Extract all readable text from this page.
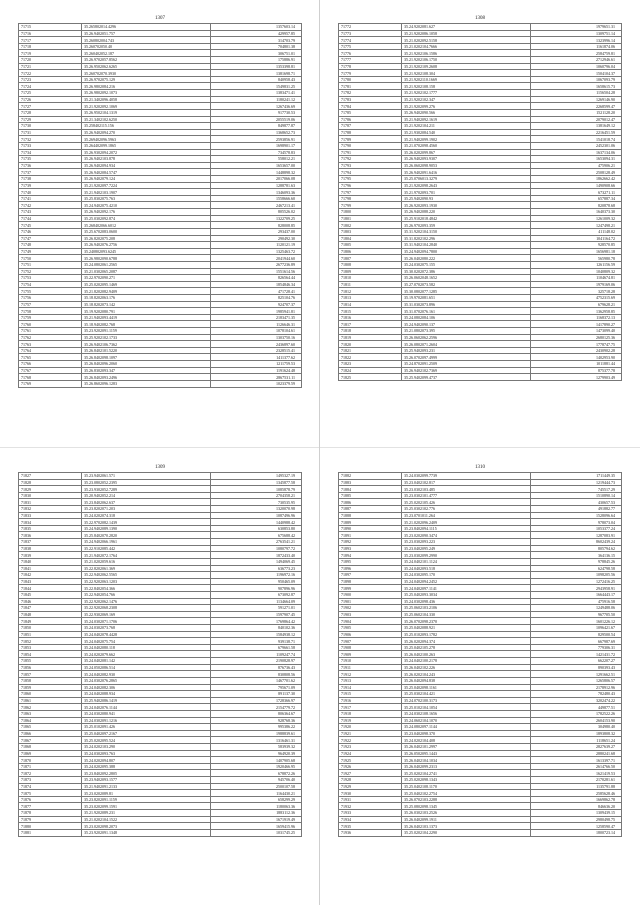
1307
71715	35.265802014.4296	1357603.14
71716	35.26.9402051.757	429957.85
71717	35.260802004.743	314703.79
71718	35.260702050.40	704801.38
71719	35.260402052.187	306751.01
71720	35.26.9702057.8562	175886.91
71721	35.26.9502062.6265	1353398.81
71722	35.260702070.3930	1381698.71
71723	35.26.9702075.129	840958.43
71724	35.26.9802084.216	1549831.25
71725	35.26.9802092.1073	1383471.41
71726	35.21.3402096.4058	1180241.12
71727	35.21.9202092.1069	1267436.69
71728	35.26.9502104.1319	917730.53
71729	35.21.3402102.6250	2055519.06
71730	35.258402115.156	849877.87
71731	35.26.9402094.270	1368652.73
71732	35.269402096.5963	2593856.91
71733	35.264402099.1865	1698901.17
71734	35.26.9302094.2072	734578.83
71735	35.26.9402103.878	558012.21
71736	35.26.9402094.934	1653657.00
71737	35.26.9402084.5747	1448898.32
71738	35.26.9402079.124	2017066.08
71739	35.21.9202097.7224	1288781.63
71740	35.21.9402103.1907	1346093.36
71741	35.25.8302075.763	1558666.60
71742	35.24.9402075.4210	2467213.41
71743	35.26.9402092.176	805526.02
71744	35.25.0302092.874	1322709.25
71745	35.268402066.6012	828008.85
71746	35.25.6702083.0600	293437.00
71747	35.26.8202075.208	290492.30
71748	35.26.9402076.2756	1120121.19
71749	35.240802093.6245	1325463.72
71750	35.26.9802090.6788	2041944.60
71751	35.24.0802061.2565	2677236.89
71752	35.21.0302065.2087	1551614.56
71753	35.22.9702090.271	826564.44
71754	35.25.0202095.1469	1854846.34
71755	35.21.8202082.9409	471728.41
71756	35.18.8202063.176	825104.76
71757	35.18.8202073.142	924707.37
71758	35.19.9202080.791	1985941.81
71759	35.21.9402093.4419	2183471.35
71760	35.18.9402082.768	1126646.31
71761	35.23.9202091.1159	1078104.61
71762	35.25.9202102.1733	1303750.16
71763	35.26.9402106.7362	2436897.60
71764	35.26.8402101.5220	2328515.41
71765	35.26.8402098.1097	1411377.62
71766	35.26.8402096.2060	1211759.53
71767	35.26.8302093.347	1191624.48
71768	35.26.8402093.2496	2867531.11
71769	35.26.8602096.1283	1023379.59
1308
71772	35.24.9202081.627	1979651.31
71773	35.21.9202086.1058	1309751.14
71774	35.21.0202092.5158	1323996.14
71775	35.21.0202104.7666	1161874.06
71776	35.21.9202106.1586	2584759.81
71777	35.21.9202106.1750	2712946.61
71778	35.21.9202109.2608	1060796.04
71779	35.21.9202108.304	1504104.37
71780	35.21.9202110.1669	1067093.79
71781	35.21.9202108.158	1658615.73
71782	35.21.9202102.1777	1156504.28
71783	35.21.9202102.347	1269146.90
71784	35.21.9202099.276	2268599.47
71785	35.26.9402090.566	1521128.20
71786	35.21.9402092.1619	2079012.47
71787	35.21.9202104.211	1381649.12
71788	35.21.9302084.540	2216451.59
71789	35.21.9402099.1902	1541018.74
71790	35.21.0702098.4560	2452301.06
71791	35.26.0202099.867	1637134.06
71792	35.26.9402093.9307	1653094.31
71793	35.26.0602098.9053	475906.21
71794	35.26.9402091.6416	2508128.49
71795	35.25.0706013.3279	1862662.42
71796	35.21.9202098.2643	1490908.66
71797	35.21.9702093.701	673271.11
71798	35.25.9402090.93	657887.34
71799	35.26.9202093.1930	820878.68
71800	35.26.9402088.220	1640373.30
71801	35.25.9102018.4842	1261009.32
71802	35.26.9702093.359	1247498.21
71803	35.31.9202104.3150	411148.02
71804	35.31.8202102.296	1041164.72
71805	35.31.9402104.2840	928570.85
71806	35.24.9402094.7800	1656981.18
71807	35.26.0402080.222	565980.78
71808	35.24.0302075.155	1261156.59
71809	35.30.0202072.386	1040809.32
71810	35.26.0602048.1652	1104674.81
71811	35.27.0702073.582	1979169.06
71812	35.30.0802077.1285	325718.28
71813	35.19.9702081.651	4752315.69
71814	35.31.0302073.896	679628.21
71815	35.31.0702076.161	1362958.85
71816	35.24.0802084.106	1168372.13
71817	35.24.9402090.137	1417890.27
71818	35.21.0802073.395	1473099.40
71819	35.26.0602062.2596	2680125.36
71820	35.26.0802071.2604	1778747.75
71821	35.25.9402093.231	2430902.28
71822	35.26.0702097.4999	1402953.90
71823	35.24.8702091.2509	1011881.44
71824	35.26.9402102.7369	875377.78
71825	35.25.9402099.4737	1279903.49
1309
71827	35.23.9402061.571	1495327.19
71828	35.23.0802052.2395	1345877.58
71829	35.23.9302052.7289	1085878.79
71830	35.20.9402052.214	2704358.21
71831	35.23.8402062.637	730535.95
71832	35.23.8202071.203	1320070.98
71833	35.24.0202074.318	1087496.96
71834	35.22.9702082.1439	1440988.42
71835	35.24.9402089.1390	630853.80
71836	35.25.8402070.2820	675688.42
71837	35.24.9402066.1961	2763541.21
71838	35.22.9102085.442	1080797.72
71839	35.21.9402072.1764	1872433.40
71840	35.21.0202059.616	1494069.45
71841	35.22.8202061.369	636773.23
71842	35.22.9402062.5565	1196972.16
71843	35.22.9202063.1203	950465.09
71844	35.22.8402054.366	907896.96
71845	35.22.9402054.766	673092.87
71846	35.22.9202062.1476	1134664.09
71847	35.22.9202068.2308	591271.01
71848	35.22.9302069.169	1597907.45
71849	35.24.0302071.1706	1769864.42
71850	35.24.0302073.768	840102.36
71851	35.24.0402078.4428	1584938.12
71852	35.24.0402075.754	939138.71
71853	35.24.0402080.118	679661.58
71854	35.24.0202079.662	1109247.74
71855	35.24.0402081.142	2190828.97
71856	35.24.0502086.514	876736.43
71857	35.24.0402082.930	830808.56
71858	35.24.0302076.2865	1467701.62
71859	35.24.0402082.306	795671.09
71860	35.24.0402088.934	891137.30
71861	35.25.9402086.1419	1728366.97
71862	35.24.0402076.1144	2154779.72
71863	35.24.0302080.941	806364.67
71864	35.24.0302091.1216	928768.36
71865	35.25.0102091.426	995386.22
71866	35.25.0402097.2167	1988839.61
71867	35.25.0202095.524	1316461.31
71868	35.24.0202103.290	583939.32
71869	35.24.0302093.763	964920.39
71870	35.24.0202094.807	1407905.68
71871	35.24.0202095.388	1920466.95
71872	35.23.8402092.2805	678872.26
71873	35.23.9402093.1577	945706.40
71874	35.21.9402091.2133	2500107.58
71875	35.23.0202089.81	1164430.21
71876	35.23.8202091.1159	658299.29
71877	35.23.0202099.1591	1180063.36
71878	35.21.9202089.231	1883112.36
71879	35.21.0202104.1522	1671919.49
71880	35.23.0202098.2073	1659415.96
71881	35.23.9202091.1348	1031745.25
1310
71882	35.24.0302099.7739	1711449.35
71883	35.23.0402102.817	1219444.73
71884	35.23.0302103.485	745517.29
71885	35.23.0302101.4777	1510890.14
71886	35.25.0202105.426	430657.53
71887	35.25.0302102.776	491882.77
71888	35.23.0701011.264	1528096.64
71889	35.21.0202096.2409	978073.04
71890	35.23.8402094.1115	1053377.24
71891	35.23.0202090.3474	1287083.91
71892	35.23.0302093.223	8602439.24
71893	35.23.0402095.249	805794.62
71894	35.23.0302099.2990	364136.15
71895	35.24.0402101.1124	978845.26
71896	35.24.0402093.518	624798.58
71897	35.24.0302095.170	1098205.56
71898	35.24.0402094.2452	1272416.25
71899	35.24.0402097.1141	2943958.91
71900	35.25.0402093.3034	1664443.17
71901	35.24.0302098.436	475916.58
71902	35.25.0602103.2106	1249488.06
71903	35.25.0602104.330	967705.50
71904	35.26.0702098.2370	1601226.12
71905	35.25.0402088.921	1096421.67
71906	35.25.0102093.1782	829500.54
71907	35.26.0202094.374	667987.69
71908	35.25.0402105.278	779306.31
71909	35.26.0402100.263	1421431.72
71910	35.24.0402100.2178	662207.27
71911	35.26.0402102.226	890393.43
71912	35.26.0202104.243	1291662.51
71913	35.26.0402094.838	1265806.57
71914	35.25.0402098.1161	2178912.96
71915	35.25.0302104.421	782480.43
71916	35.24.0702100.3173	3202474.22
71917	35.25.0102104.1054	449877.51
71918	35.24.0302108.1656	1782522.26
71919	35.24.0602104.1070	2604153.90
71920	35.24.0802097.1144	304980.40
71921	35.23.0402098.370	1893808.32
71922	35.24.0202104.408	1118651.24
71923	35.26.0402101.2997	2827639.27
71924	35.26.0502095.1443	2880241.68
71925	35.26.0402104.1034	1613397.71
71926	35.26.0402099.2313	2614766.50
71927	35.25.0202104.2741	1621419.53
71928	35.25.0202098.1343	2170281.61
71929	35.25.0402108.1170	1135791.88
71930	35.25.0402102.2754	2585628.46
71931	35.26.0702103.2288	1669862.78
71932	35.25.0802098.1345	846636.20
71933	35.26.0302103.2526	1309439.15
71934	35.26.0402099.1911	2980498.75
71935	35.26.0402103.1373	1258590.47
71936	35.25.0202104.2290	1800723.14
